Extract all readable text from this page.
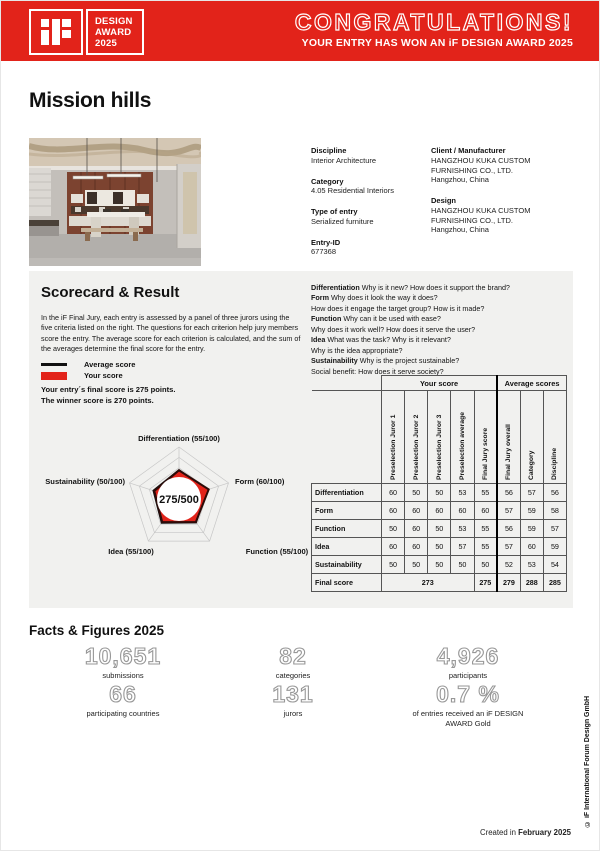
DESIGN
AWARD
2025
CONGRATULATIONS!
YOUR ENTRY HAS WON AN iF DESIGN AWARD 2025
Mission hills
Discipline
Interior Architecture
Category
4.05 Residential Interiors
Type of entry
Serialized furniture
Entry-ID
677368
Client / Manufacturer
HANGZHOU KUKA CUSTOM FURNISHING CO., LTD.
Hangzhou, China
Design
HANGZHOU KUKA CUSTOM FURNISHING CO., LTD.
Hangzhou, China
Scorecard & Result
In the iF Final Jury, each entry is assessed by a panel of three jurors using the five criteria listed on the right. The questions for each criterion help jury members score the entry. The average score for each criterion is calculated, and the sum of the averages determine the final score for the entry.
Average score
Your score
Your entry´s final score is 275 points.
The winner score is 270 points.
275/500
Differentiation (55/100)
Form (60/100)
Sustainability (50/100)
Idea (55/100)	Function (55/100)
Differentiation Why is it new? How does it support the brand?
Form Why does it look the way it does?
How does it engage the target group? How is it made?
Function Why can it be used with ease?
Why does it work well? How does it serve the user?
Idea What was the task? Why is it relevant?
Why is the idea appropriate?
Sustainability Why is the project sustainable?
Social benefit: How does it serve society?
	Your score					Average scores		

	Preselection Juror 1	Preselection Juror 2	Preselection Juror 3	Preselection average	Final Jury score	Final Jury overall	Category	Discipline

Differentiation	60	50	50	53	55	56	57	56
Form	60	60	60	60	60	57	59	58
Function	50	60	50	53	55	56	59	57
Idea	60	60	50	57	55	57	60	59
Sustainability	50	50	50	50	50	52	53	54
Final score	273				275	279	288	285
Facts & Figures 2025
10,651
submissions
82
categories
4,926
participants
66
participating countries
131
jurors
0.7 %
of entries received an iF DESIGN AWARD Gold
Created in February 2025
© iF International Forum Design GmbH
